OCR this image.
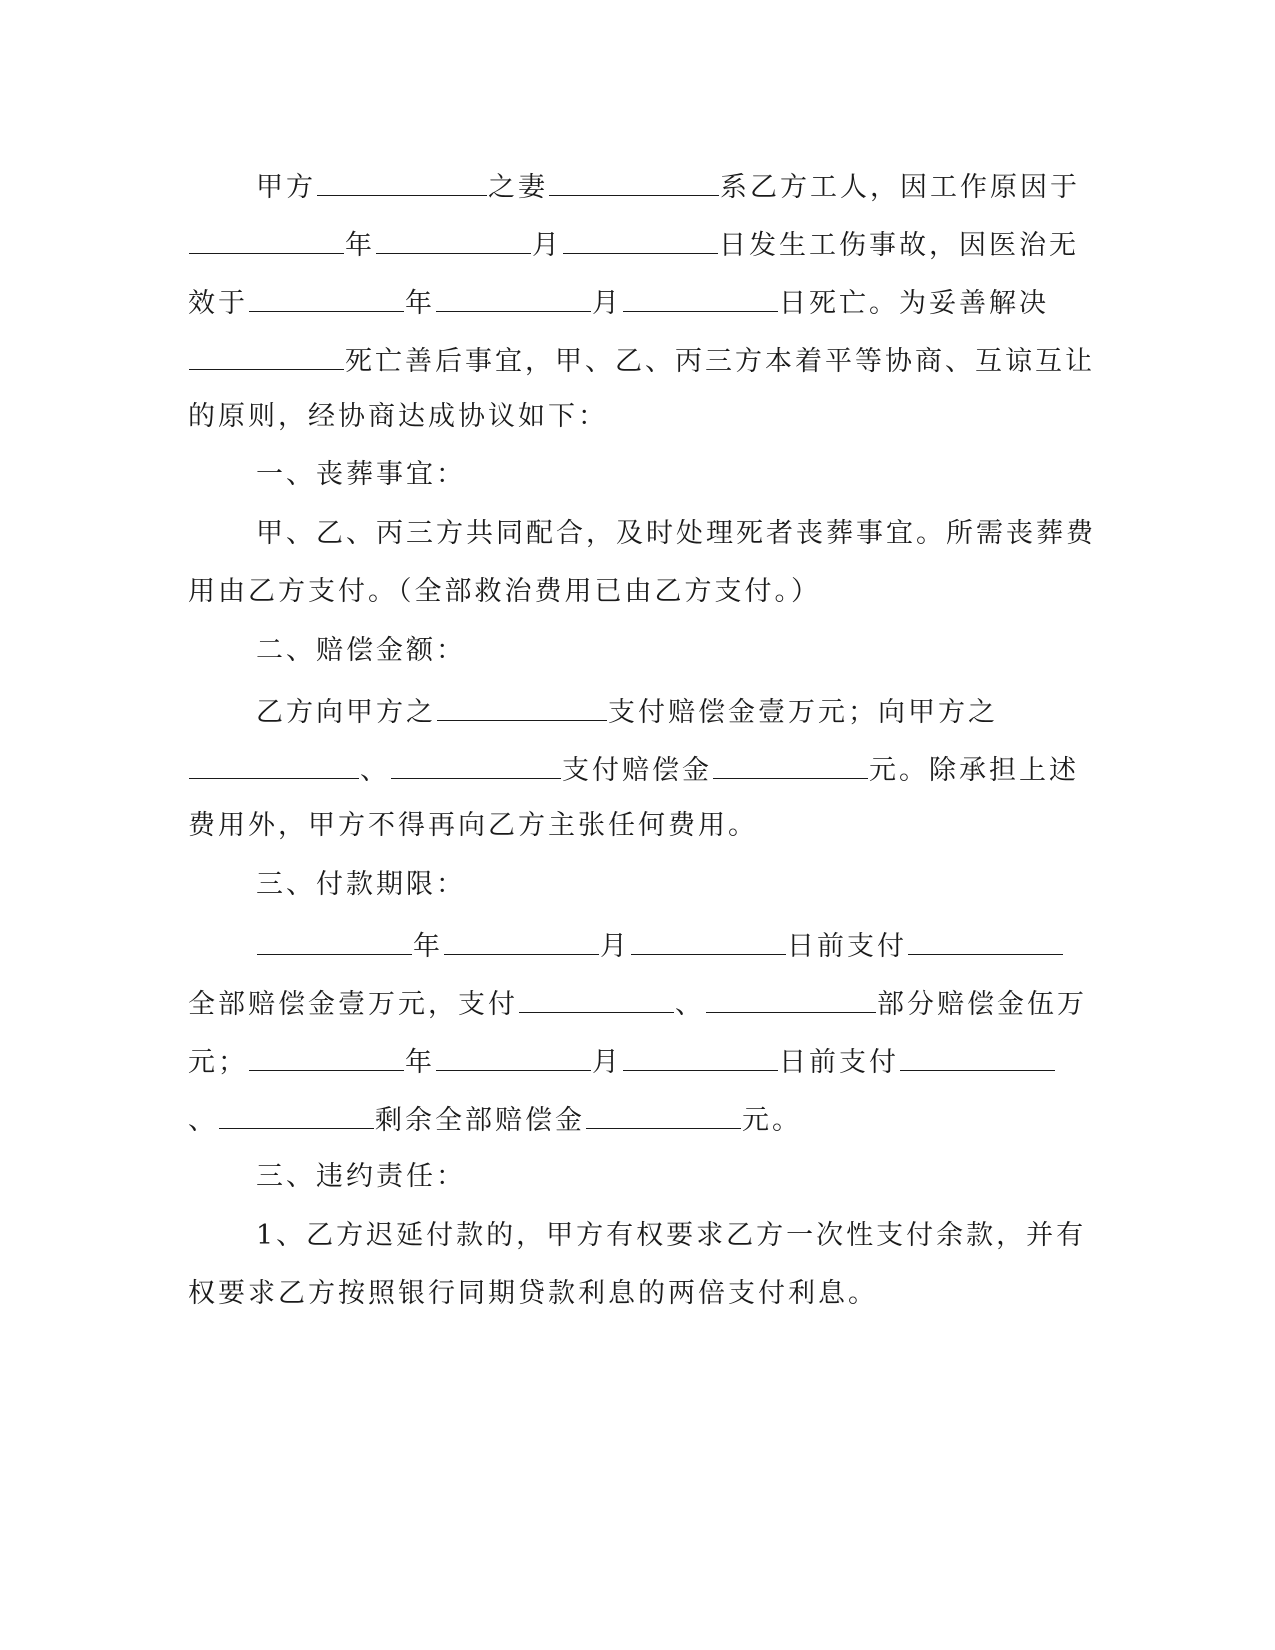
甲方	之妻	系乙方工人，因工作原因于
年	月	日发生工伤事故，因医治无
效于	年	月	日死亡。为妥善解决
死亡善后事宜，甲、乙、丙三方本着平等协商、互谅互让
的原则，经协商达成协议如下：
一、丧葬事宜：
甲、乙、丙三方共同配合，及时处理死者丧葬事宜。所需丧葬费
用由乙方支付。（全部救治费用已由乙方支付。）
二、赔偿金额：
乙方向甲方之	支付赔偿金壹万元；向甲方之
、	支付赔偿金	元。除承担上述
费用外，甲方不得再向乙方主张任何费用。
三、付款期限：
年	月	日前支付
全部赔偿金壹万元，支付	、	部分赔偿金伍万
元；	年	月	日前支付
、	剩余全部赔偿金	元。
三、违约责任：
1、乙方迟延付款的，甲方有权要求乙方一次性支付余款，并有
权要求乙方按照银行同期贷款利息的两倍支付利息。
